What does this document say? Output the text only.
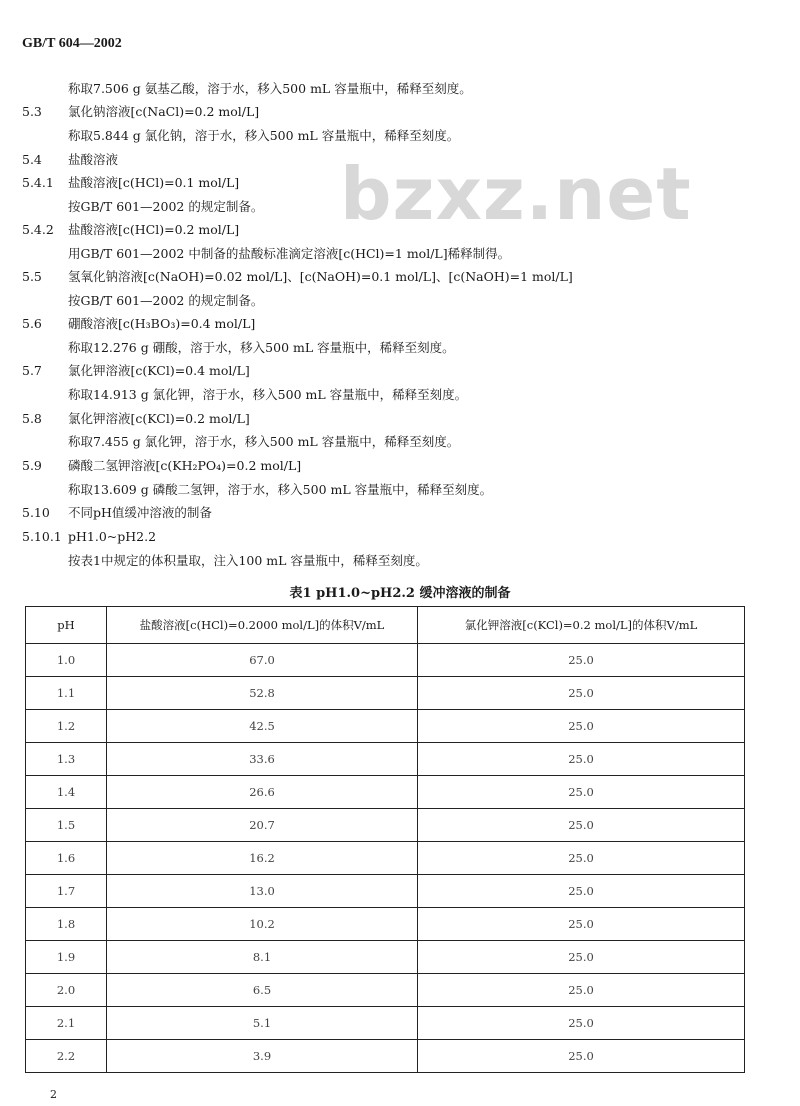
GB/T 604—2002
bzxz.net
称取7.506 g 氨基乙酸，溶于水，移入500 mL 容量瓶中，稀释至刻度。
5.3 氯化钠溶液[c(NaCl)=0.2 mol/L]
称取5.844 g 氯化钠，溶于水，移入500 mL 容量瓶中，稀释至刻度。
5.4 盐酸溶液
5.4.1 盐酸溶液[c(HCl)=0.1 mol/L]
按GB/T 601—2002 的规定制备。
5.4.2 盐酸溶液[c(HCl)=0.2 mol/L]
用GB/T 601—2002 中制备的盐酸标准滴定溶液[c(HCl)=1 mol/L]稀释制得。
5.5 氢氧化钠溶液[c(NaOH)=0.02 mol/L]、[c(NaOH)=0.1 mol/L]、[c(NaOH)=1 mol/L]
按GB/T 601—2002 的规定制备。
5.6 硼酸溶液[c(H₃BO₃)=0.4 mol/L]
称取12.276 g 硼酸，溶于水，移入500 mL 容量瓶中，稀释至刻度。
5.7 氯化钾溶液[c(KCl)=0.4 mol/L]
称取14.913 g 氯化钾，溶于水，移入500 mL 容量瓶中，稀释至刻度。
5.8 氯化钾溶液[c(KCl)=0.2 mol/L]
称取7.455 g 氯化钾，溶于水，移入500 mL 容量瓶中，稀释至刻度。
5.9 磷酸二氢钾溶液[c(KH₂PO₄)=0.2 mol/L]
称取13.609 g 磷酸二氢钾，溶于水，移入500 mL 容量瓶中，稀释至刻度。
5.10 不同pH值缓冲溶液的制备
5.10.1 pH1.0~pH2.2
按表1中规定的体积量取，注入100 mL 容量瓶中，稀释至刻度。
表1 pH1.0~pH2.2 缓冲溶液的制备
pH	盐酸溶液[c(HCl)=0.2000 mol/L]的体积V/mL	氯化钾溶液[c(KCl)=0.2 mol/L]的体积V/mL
1.0	67.0	25.0
1.1	52.8	25.0
1.2	42.5	25.0
1.3	33.6	25.0
1.4	26.6	25.0
1.5	20.7	25.0
1.6	16.2	25.0
1.7	13.0	25.0
1.8	10.2	25.0
1.9	8.1	25.0
2.0	6.5	25.0
2.1	5.1	25.0
2.2	3.9	25.0
2
